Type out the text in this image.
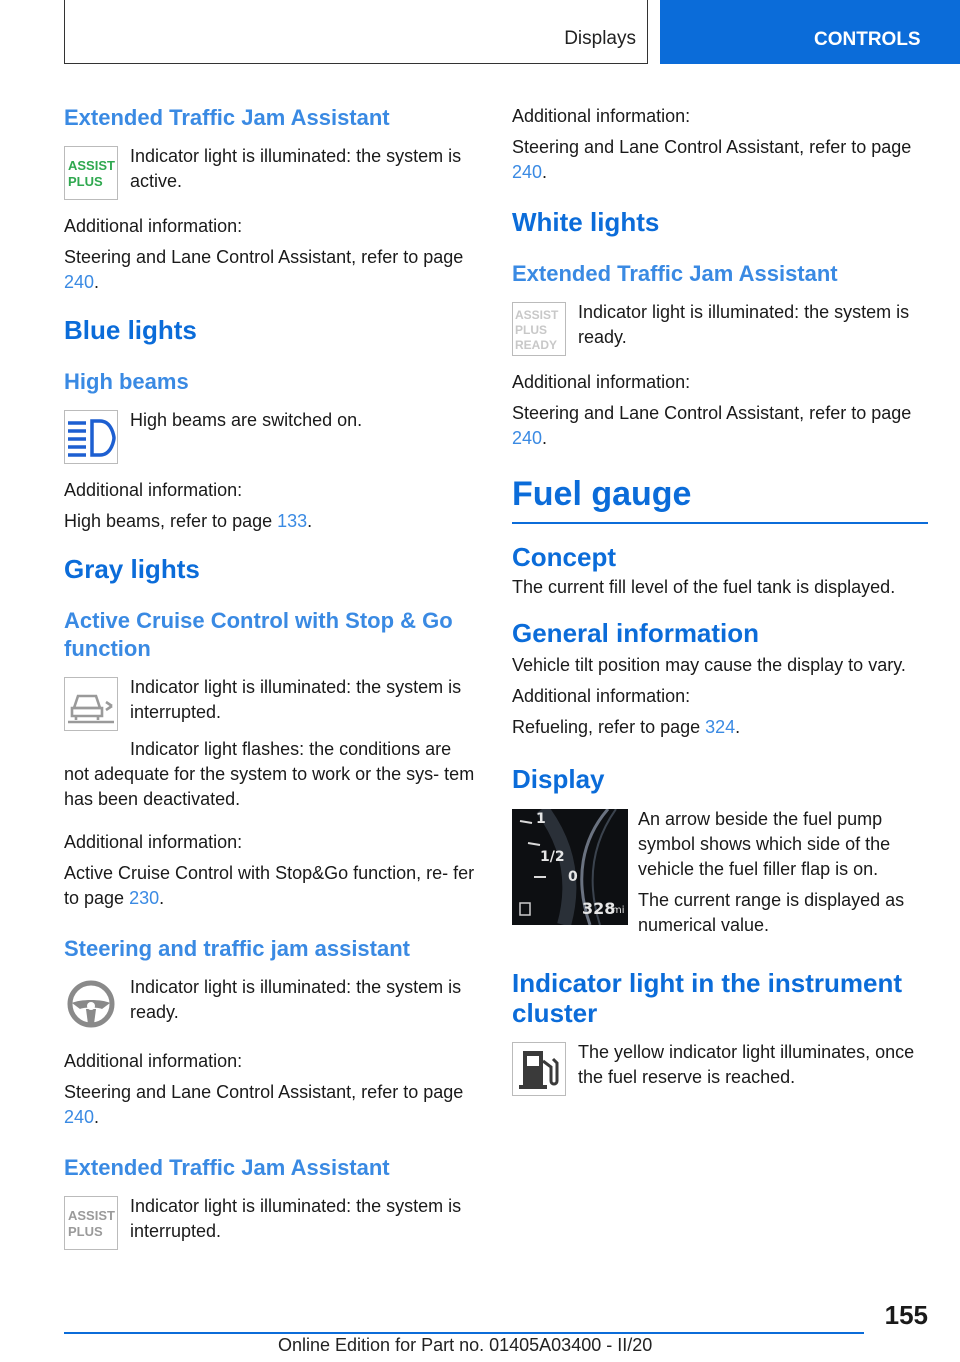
Displays	CONTROLS
Extended Traffic Jam Assistant
ASSIST
PLUS

Indicator light is illuminated: the system is active.

Additional information:

Steering and Lane Control Assistant, refer to page 240.

Blue lights
High beams

High beams are switched on.

Additional information:

High beams, refer to page 133.

Gray lights
Active Cruise Control with Stop & Go function

Indicator light is illuminated: the system is interrupted.

Indicator light flashes: the conditions are not adequate for the system to work or the sys- tem has been deactivated.

Additional information:

Active Cruise Control with Stop&Go function, re- fer to page 230.

Steering and traffic jam assistant

Indicator light is illuminated: the system is ready.

Additional information:

Steering and Lane Control Assistant, refer to page 240.

Extended Traffic Jam Assistant
ASSIST
PLUS

Indicator light is illuminated: the system is interrupted.

Additional information:

Steering and Lane Control Assistant, refer to page 240.

White lights
Extended Traffic Jam Assistant
ASSIST
PLUS
READY

Indicator light is illuminated: the system is ready.

Additional information:

Steering and Lane Control Assistant, refer to page 240.

Fuel gauge
Concept

The current fill level of the fuel tank is displayed.

General information

Vehicle tilt position may cause the display to vary.

Additional information:

Refueling, refer to page 324.

Display
1
1/2
0
328
mi

An arrow beside the fuel pump symbol shows which side of the vehicle the fuel filler flap is on.

The current range is displayed as numerical value.

Indicator light in the instrument cluster

The yellow indicator light illuminates, once the fuel reserve is reached.

155
Online Edition for Part no. 01405A03400 - II/20
